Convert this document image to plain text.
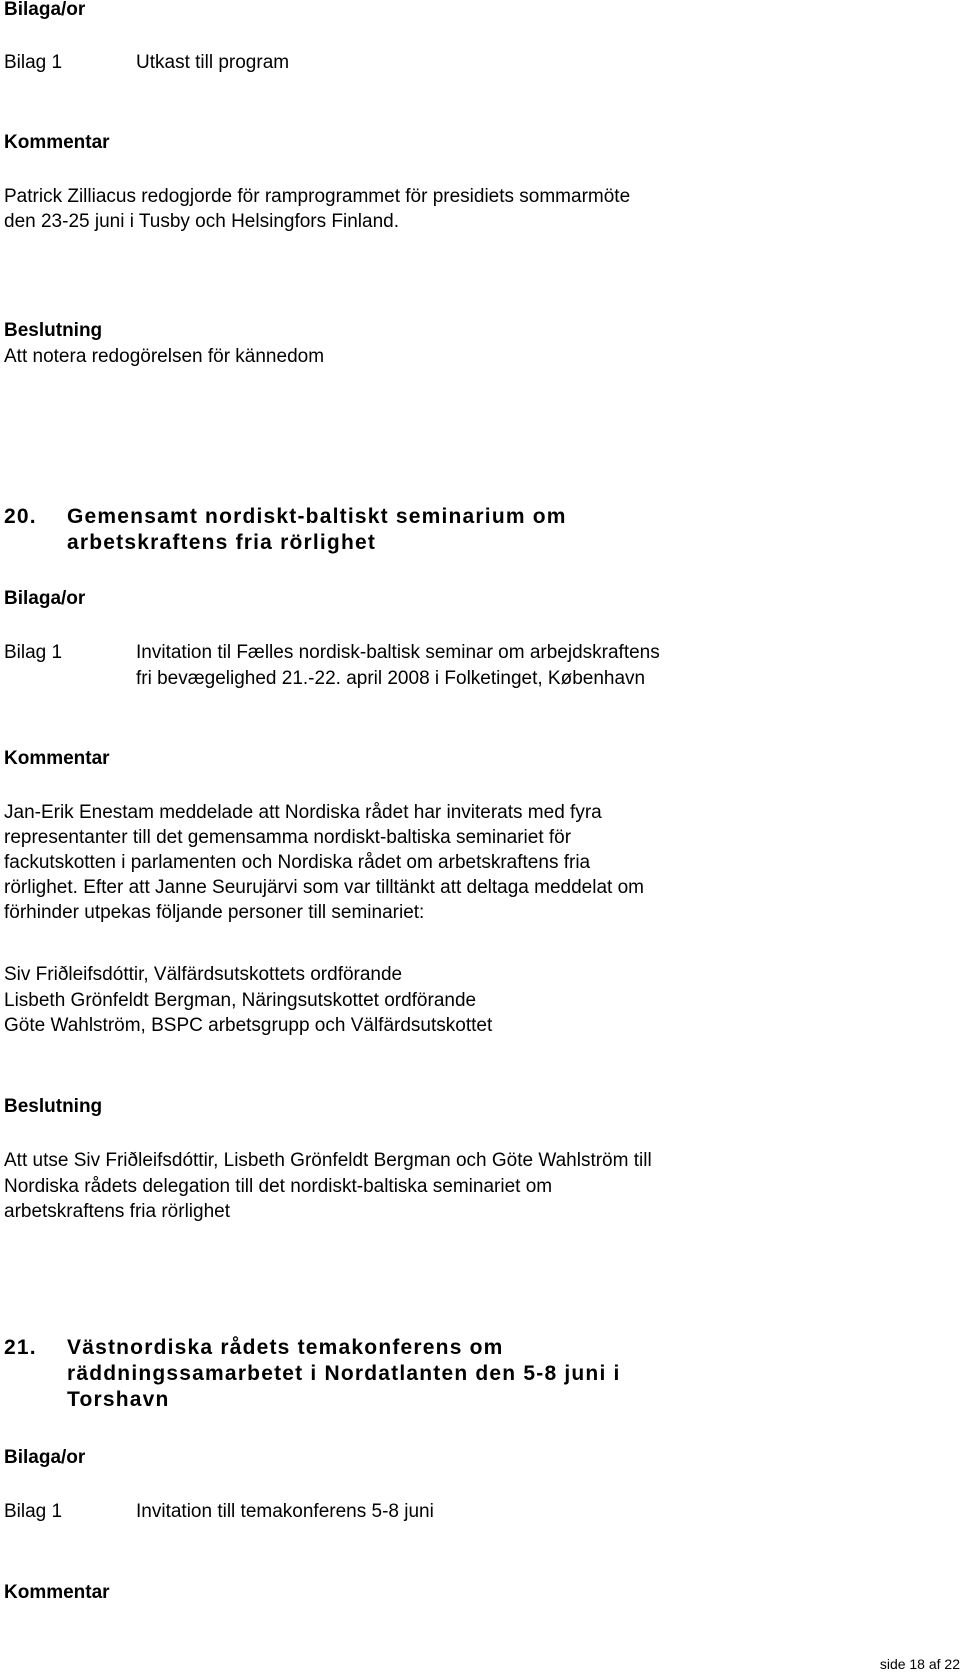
Bilaga/or
Bilag 1	Utkast till program
Kommentar
Patrick Zilliacus redogjorde för ramprogrammet för presidiets sommarmöte
den 23-25 juni i Tusby och Helsingfors Finland.
Beslutning
Att notera redogörelsen för kännedom
20. Gemensamt nordiskt-baltiskt seminarium om
arbetskraftens fria rörlighet
Bilaga/or
Bilag 1	Invitation til Fælles nordisk-baltisk seminar om arbejdskraftens
fri bevægelighed 21.-22. april 2008 i Folketinget, København
Kommentar
Jan-Erik Enestam meddelade att Nordiska rådet har inviterats med fyra
representanter till det gemensamma nordiskt-baltiska seminariet för
fackutskotten i parlamenten och Nordiska rådet om arbetskraftens fria
rörlighet. Efter att Janne Seurujärvi som var tilltänkt att deltaga meddelat om
förhinder utpekas följande personer till seminariet:
Siv Friðleifsdóttir, Välfärdsutskottets ordförande
Lisbeth Grönfeldt Bergman, Näringsutskottet ordförande
Göte Wahlström, BSPC arbetsgrupp och Välfärdsutskottet
Beslutning
Att utse Siv Friðleifsdóttir, Lisbeth Grönfeldt Bergman och Göte Wahlström till
Nordiska rådets delegation till det nordiskt-baltiska seminariet om
arbetskraftens fria rörlighet
21. Västnordiska rådets temakonferens om
räddningssamarbetet i Nordatlanten den 5-8 juni i
Torshavn
Bilaga/or
Bilag 1	Invitation till temakonferens 5-8 juni
Kommentar
side 18 af 22
